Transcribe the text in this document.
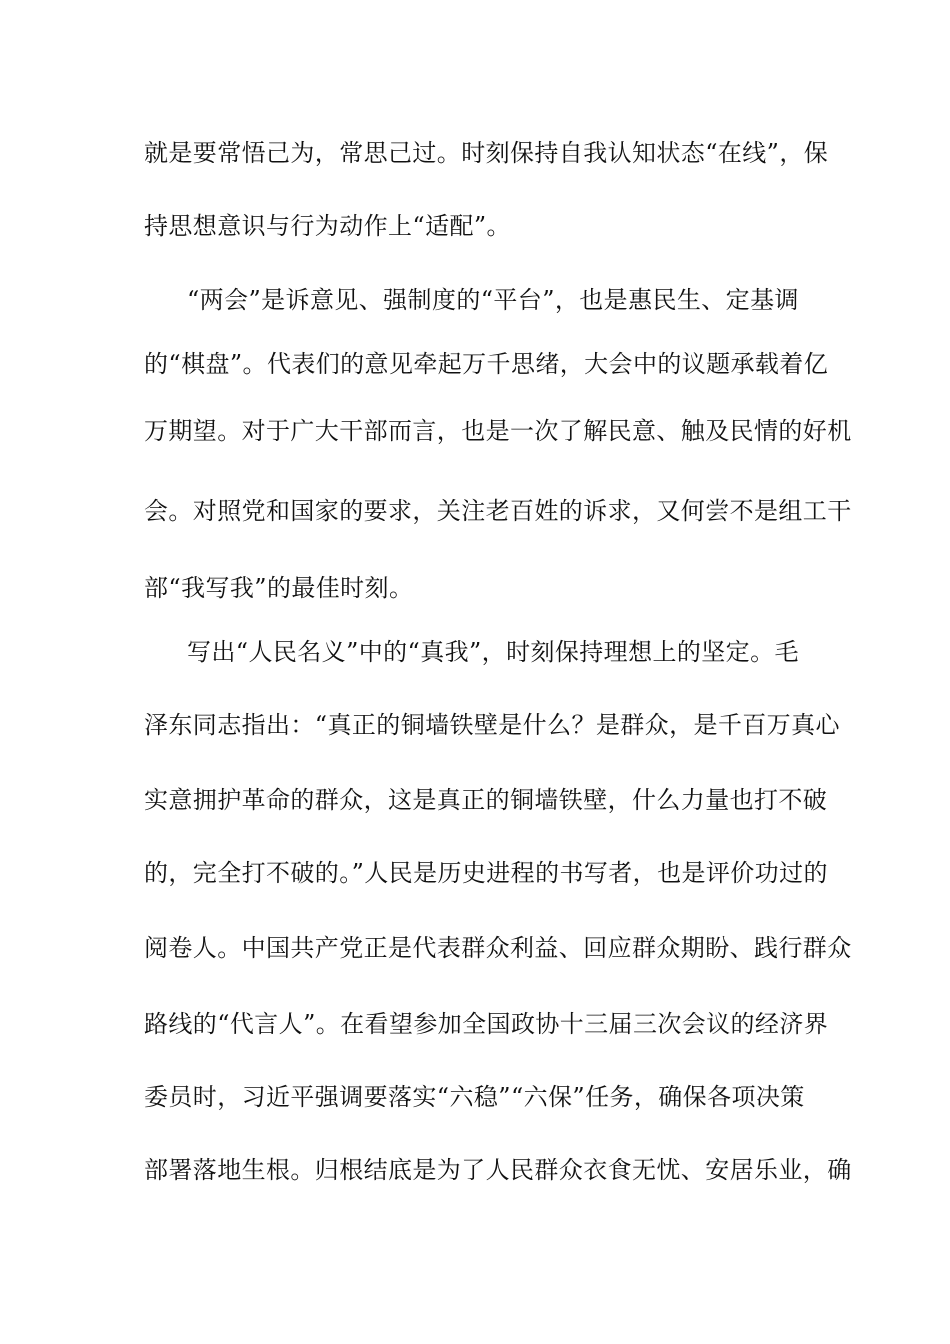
就是要常悟己为，常思己过。时刻保持自我认知状态“在线”，保
持思想意识与行为动作上“适配”。
“两会”是诉意见、强制度的“平台”，也是惠民生、定基调
的“棋盘”。代表们的意见牵起万千思绪，大会中的议题承载着亿
万期望。对于广大干部而言，也是一次了解民意、触及民情的好机
会。对照党和国家的要求，关注老百姓的诉求，又何尝不是组工干
部“我写我”的最佳时刻。
写出“人民名义”中的“真我”，时刻保持理想上的坚定。毛
泽东同志指出：“真正的铜墙铁壁是什么？是群众，是千百万真心
实意拥护革命的群众，这是真正的铜墙铁壁，什么力量也打不破
的，完全打不破的。”人民是历史进程的书写者，也是评价功过的
阅卷人。中国共产党正是代表群众利益、回应群众期盼、践行群众
路线的“代言人”。在看望参加全国政协十三届三次会议的经济界
委员时，习近平强调要落实“六稳”“六保”任务，确保各项决策
部署落地生根。归根结底是为了人民群众衣食无忧、安居乐业，确
